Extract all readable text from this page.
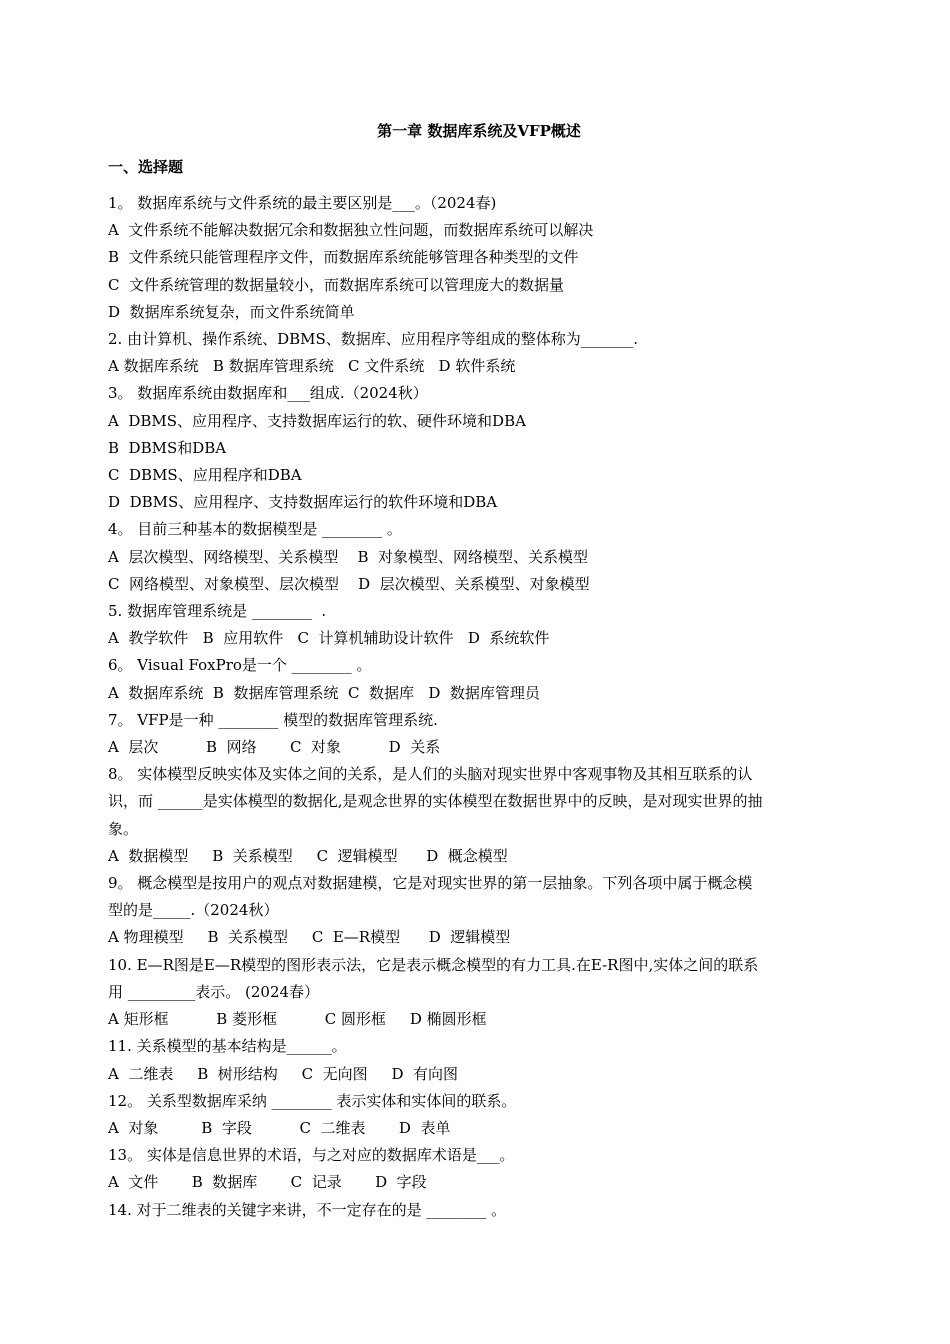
第一章 数据库系统及VFP概述
一、选择题
1。 数据库系统与文件系统的最主要区别是___。（2024春)
A  文件系统不能解决数据冗余和数据独立性问题，而数据库系统可以解决
B  文件系统只能管理程序文件，而数据库系统能够管理各种类型的文件
C  文件系统管理的数据量较小，而数据库系统可以管理庞大的数据量
D  数据库系统复杂，而文件系统简单
2. 由计算机、操作系统、DBMS、数据库、应用程序等组成的整体称为_______.
A 数据库系统   B 数据库管理系统   C 文件系统   D 软件系统
3。 数据库系统由数据库和___组成.（2024秋）
A  DBMS、应用程序、支持数据库运行的软、硬件环境和DBA
B  DBMS和DBA
C  DBMS、应用程序和DBA
D  DBMS、应用程序、支持数据库运行的软件环境和DBA
4。 目前三种基本的数据模型是 ________ 。
A  层次模型、网络模型、关系模型    B  对象模型、网络模型、关系模型
C  网络模型、对象模型、层次模型    D  层次模型、关系模型、对象模型
5. 数据库管理系统是 ________  .
A  教学软件   B  应用软件   C  计算机辅助设计软件   D  系统软件
6。 Visual FoxPro是一个 ________ 。
A  数据库系统  B  数据库管理系统  C  数据库   D  数据库管理员
7。 VFP是一种 ________ 模型的数据库管理系统.
A  层次          B  网络       C  对象          D  关系
8。 实体模型反映实体及实体之间的关系，是人们的头脑对现实世界中客观事物及其相互联系的认
识，而 ______是实体模型的数据化,是观念世界的实体模型在数据世界中的反映，是对现实世界的抽
象。
A  数据模型     B  关系模型     C  逻辑模型      D  概念模型
9。 概念模型是按用户的观点对数据建模，它是对现实世界的第一层抽象。下列各项中属于概念模
型的是_____.（2024秋）
A 物理模型     B  关系模型     C  E—R模型      D  逻辑模型
10. E—R图是E—R模型的图形表示法，它是表示概念模型的有力工具.在E-R图中,实体之间的联系
用 _________表示。 (2024春）
A 矩形框          B 菱形框          C 圆形框     D 椭圆形框
11. 关系模型的基本结构是______。
A  二维表     B  树形结构     C  无向图     D  有向图
12。 关系型数据库采纳 ________ 表示实体和实体间的联系。
A  对象         B  字段          C  二维表       D  表单
13。 实体是信息世界的术语，与之对应的数据库术语是___。
A  文件       B  数据库       C  记录       D  字段
14. 对于二维表的关键字来讲，不一定存在的是 ________ 。
